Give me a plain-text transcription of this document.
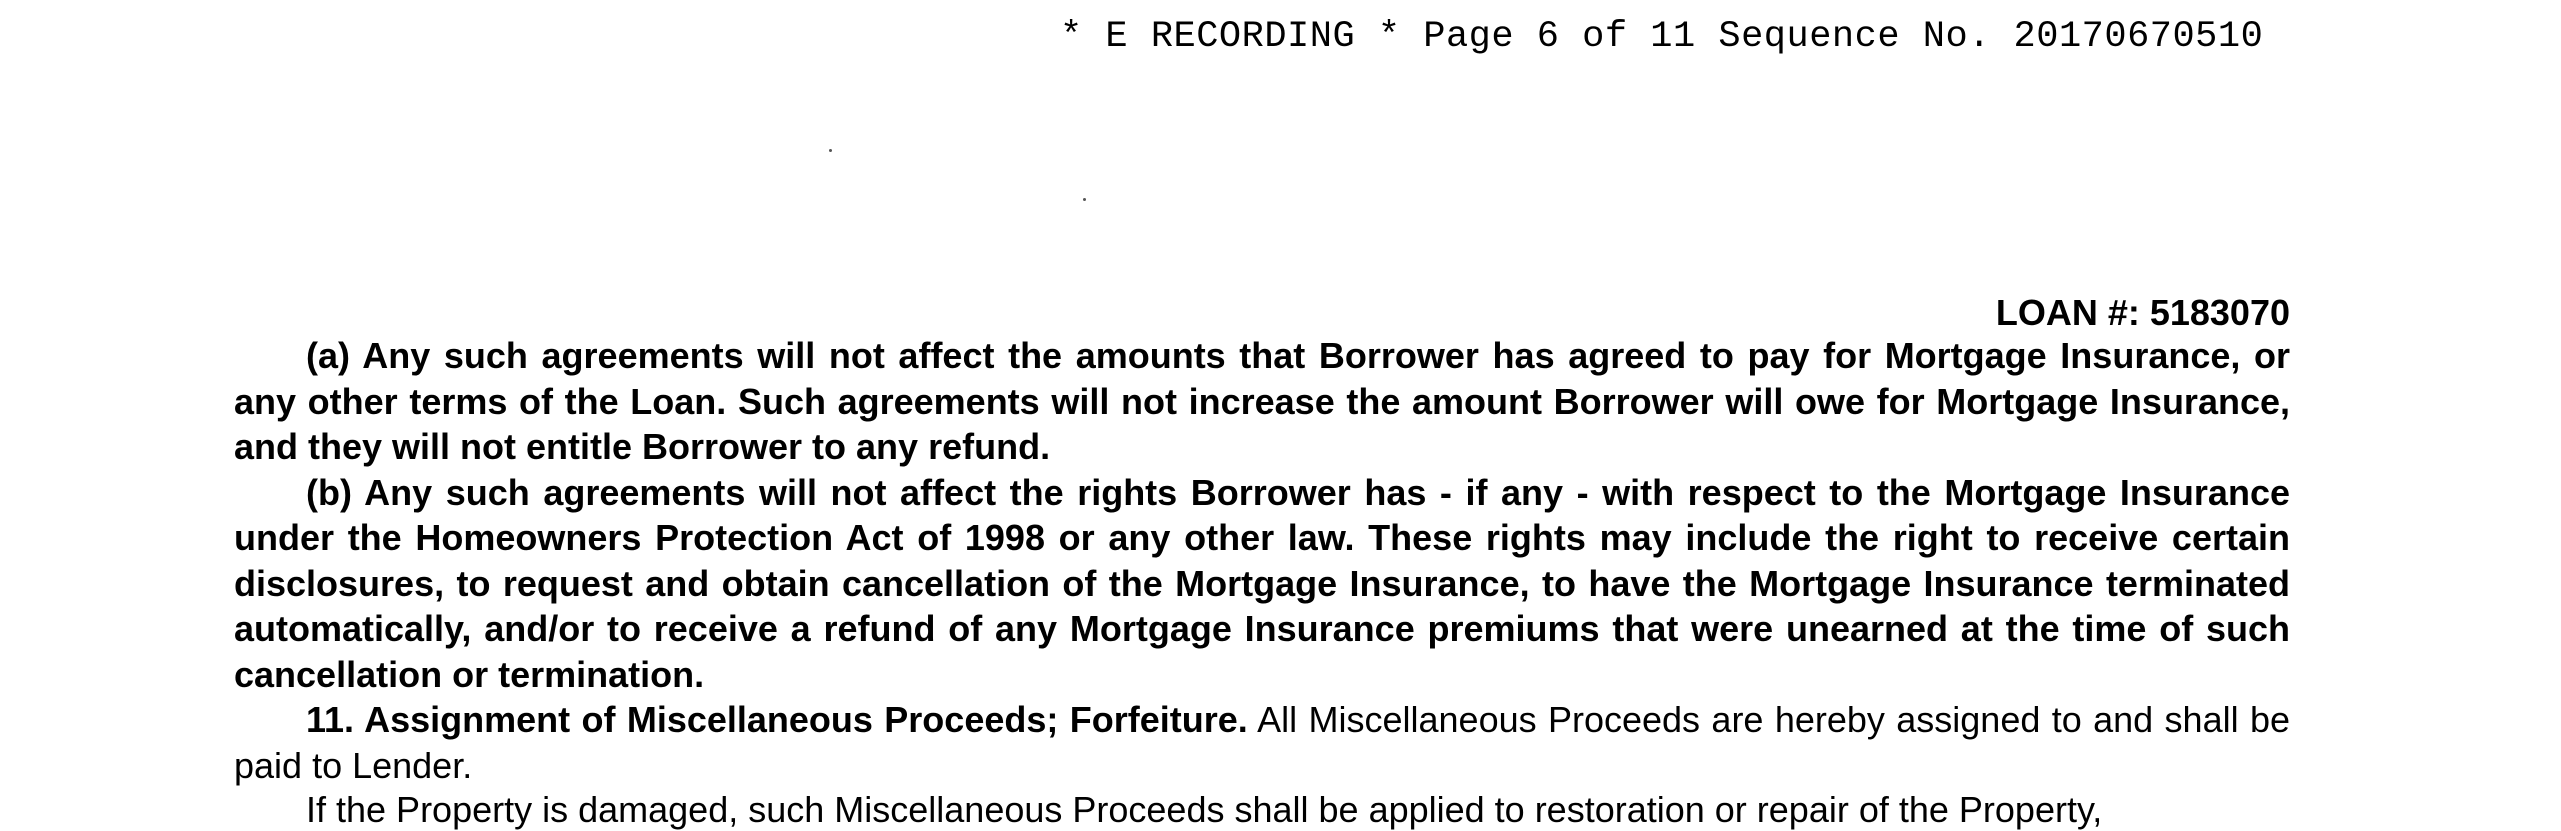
* E RECORDING * Page 6 of 11 Sequence No. 20170670510
LOAN #: 5183070

(a) Any such agreements will not affect the amounts that Borrower has agreed to pay for Mortgage Insurance, or any other terms of the Loan. Such agreements will not increase the amount Borrower will owe for Mortgage Insurance, and they will not entitle Borrower to any refund.

(b) Any such agreements will not affect the rights Borrower has - if any - with respect to the Mortgage Insurance under the Homeowners Protection Act of 1998 or any other law. These rights may include the right to receive certain disclosures, to request and obtain cancellation of the Mortgage Insurance, to have the Mortgage Insurance terminated automatically, and/or to receive a refund of any Mortgage Insurance premiums that were unearned at the time of such cancellation or termination.

11. Assignment of Miscellaneous Proceeds; Forfeiture. All Miscellaneous Proceeds are hereby assigned to and shall be paid to Lender.

If the Property is damaged, such Miscellaneous Proceeds shall be applied to restoration or repair of the Property,
